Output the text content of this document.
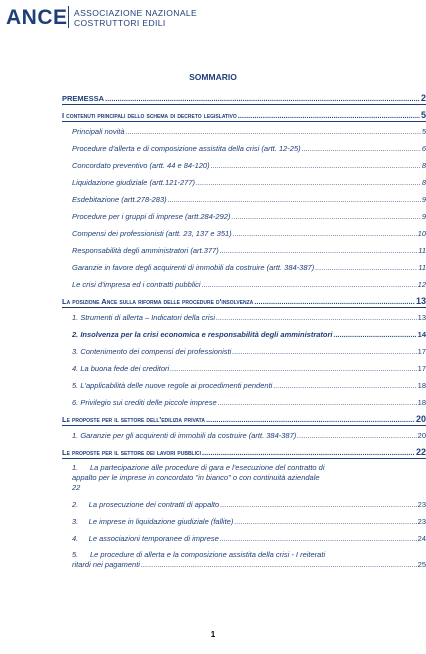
ANCE ASSOCIAZIONE NAZIONALE
COSTRUTTORI EDILI
SOMMARIO
PREMESSA .....	2
I contenuti principali dello schema di decreto legislativo .....	5
Principali novità .....	5
Procedure d'allerta e di composizione assistita della crisi (artt. 12-25) .....	6
Concordato preventivo (artt. 44 e 84-120) .....	8
Liquidazione giudiziale (artt.121-277) .....	8
Esdebitazione (artt.278-283) .....	9
Procedure per i gruppi di imprese (artt.284-292) .....	9
Compensi dei professionisti (artt. 23, 137 e 351) .....	10
Responsabilità degli amministratori (art.377) .....	11
Garanzie in favore degli acquirenti di immobili da costruire (artt. 384-387) .....	11
Le crisi d'impresa ed i contratti pubblici .....	12
La posizione Ance sulla riforma delle procedure d'insolvenza .....	13
1. Strumenti di allerta – Indicatori della crisi .....	13
2. Insolvenza per la crisi economica e responsabilità degli amministratori .....	14
3. Contenimento dei compensi dei professionisti .....	17
4. La buona fede dei creditori .....	17
5. L'applicabilità delle nuove regole ai procedimenti pendenti .....	18
6. Privilegio sui crediti delle piccole imprese .....	18
Le proposte per il settore dell'edilizia privata .....	20
1. Garanzie per gli acquirenti di immobili da costruire (artt. 384-387) .....	20
Le proposte per il settore dei lavori pubblici .....	22
1. La partecipazione alle procedure di gara e l'esecuzione del contratto di
appalto per le imprese in concordato "in bianco" o con continuità aziendale
22
2.     La prosecuzione dei contratti di appalto .....	23
3.     Le imprese in liquidazione giudiziale (fallite) .....	23
4.     Le associazioni temporanee di imprese .....	24
5. Le procedure di allerta e la composizione assistita della crisi - I reiterati
ritardi nei pagamenti .....	25
1
